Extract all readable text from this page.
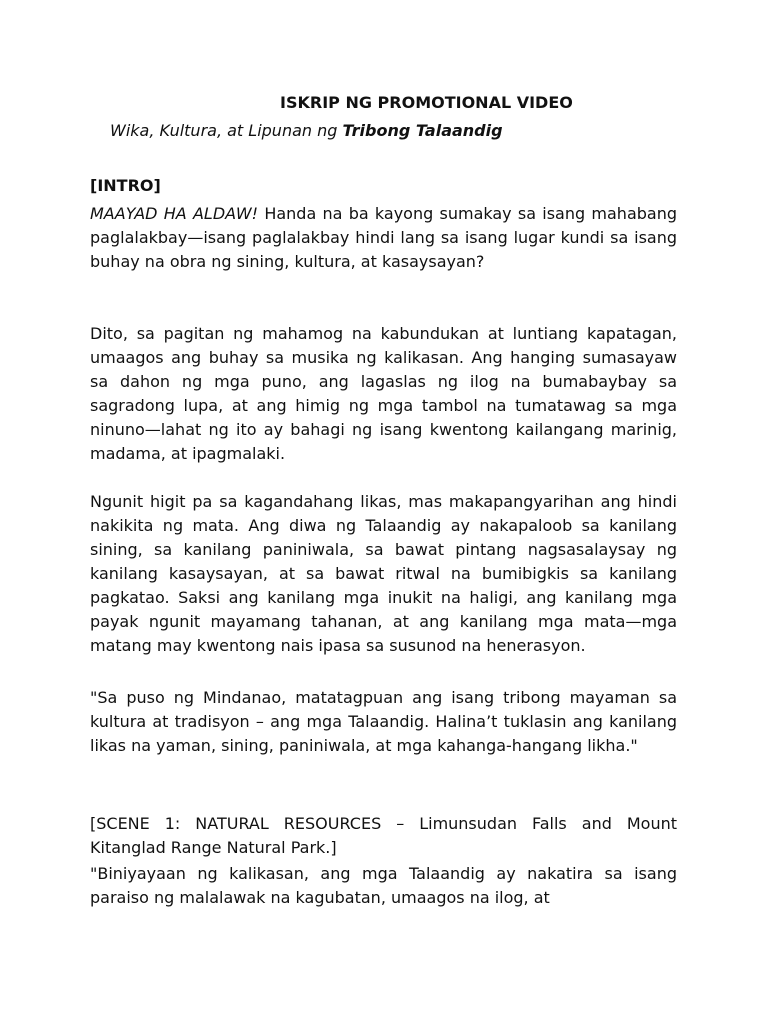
ISKRIP NG PROMOTIONAL VIDEO
Wika, Kultura, at Lipunan ng Tribong Talaandig
[INTRO]

MAAYAD HA ALDAW! Handa na ba kayong sumakay sa isang mahabang paglalakbay—isang paglalakbay hindi lang sa isang lugar kundi sa isang buhay na obra ng sining, kultura, at kasaysayan?

Dito, sa pagitan ng mahamog na kabundukan at luntiang kapatagan, umaagos ang buhay sa musika ng kalikasan. Ang hanging sumasayaw sa dahon ng mga puno, ang lagaslas ng ilog na bumabaybay sa sagradong lupa, at ang himig ng mga tambol na tumatawag sa mga ninuno—lahat ng ito ay bahagi ng isang kwentong kailangang marinig, madama, at ipagmalaki.

Ngunit higit pa sa kagandahang likas, mas makapangyarihan ang hindi nakikita ng mata. Ang diwa ng Talaandig ay nakapaloob sa kanilang sining, sa kanilang paniniwala, sa bawat pintang nagsasalaysay ng kanilang kasaysayan, at sa bawat ritwal na bumibigkis sa kanilang pagkatao. Saksi ang kanilang mga inukit na haligi, ang kanilang mga payak ngunit mayamang tahanan, at ang kanilang mga mata—mga matang may kwentong nais ipasa sa susunod na henerasyon.

"Sa puso ng Mindanao, matatagpuan ang isang tribong mayaman sa kultura at tradisyon – ang mga Talaandig. Halina’t tuklasin ang kanilang likas na yaman, sining, paniniwala, at mga kahanga-hangang likha."

[SCENE 1: NATURAL RESOURCES – Limunsudan Falls and Mount Kitanglad Range Natural Park.]

"Biniyayaan ng kalikasan, ang mga Talaandig ay nakatira sa isang paraiso ng malalawak na kagubatan, umaagos na ilog, at
